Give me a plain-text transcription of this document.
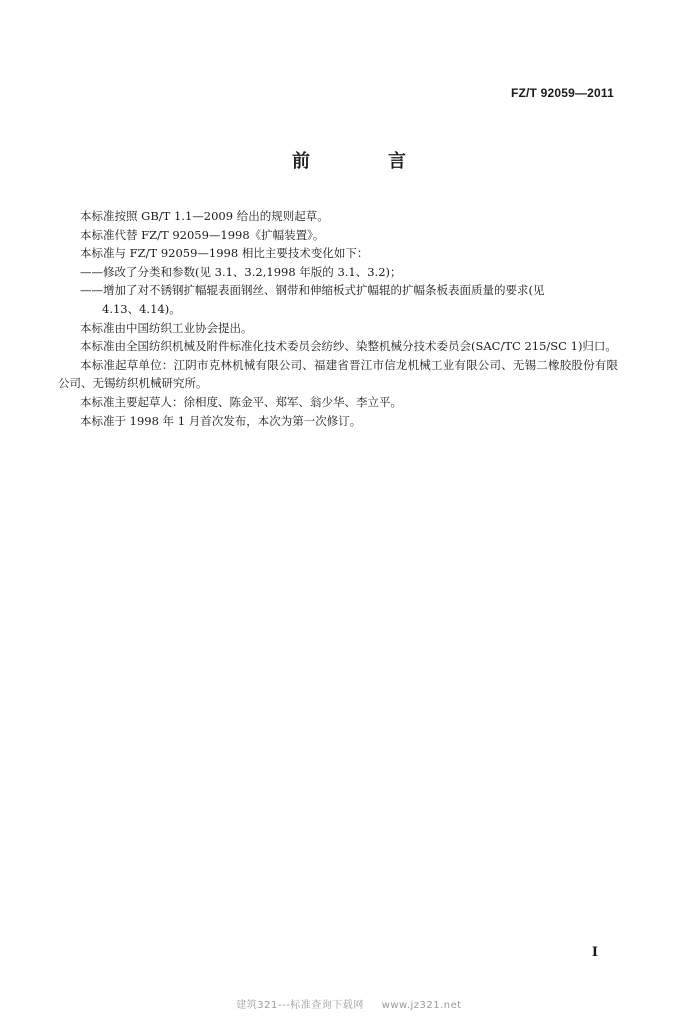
FZ/T 92059—2011
前　言

本标准按照 GB/T 1.1—2009 给出的规则起草。

本标准代替 FZ/T 92059—1998《扩幅装置》。

本标准与 FZ/T 92059—1998 相比主要技术变化如下：

——修改了分类和参数(见 3.1、3.2,1998 年版的 3.1、3.2)；

——增加了对不锈钢扩幅辊表面钢丝、钢带和伸缩板式扩幅辊的扩幅条板表面质量的要求(见
4.13、4.14)。

本标准由中国纺织工业协会提出。

本标准由全国纺织机械及附件标准化技术委员会纺纱、染整机械分技术委员会(SAC/TC 215/SC 1)归口。

本标准起草单位：江阴市克林机械有限公司、福建省晋江市信龙机械工业有限公司、无锡二橡胶股份有限公司、无锡纺织机械研究所。

本标准主要起草人：徐相度、陈金平、郑军、翁少华、李立平。

本标准于 1998 年 1 月首次发布，本次为第一次修订。

I
建筑321---标准查询下载网 www.jz321.net
